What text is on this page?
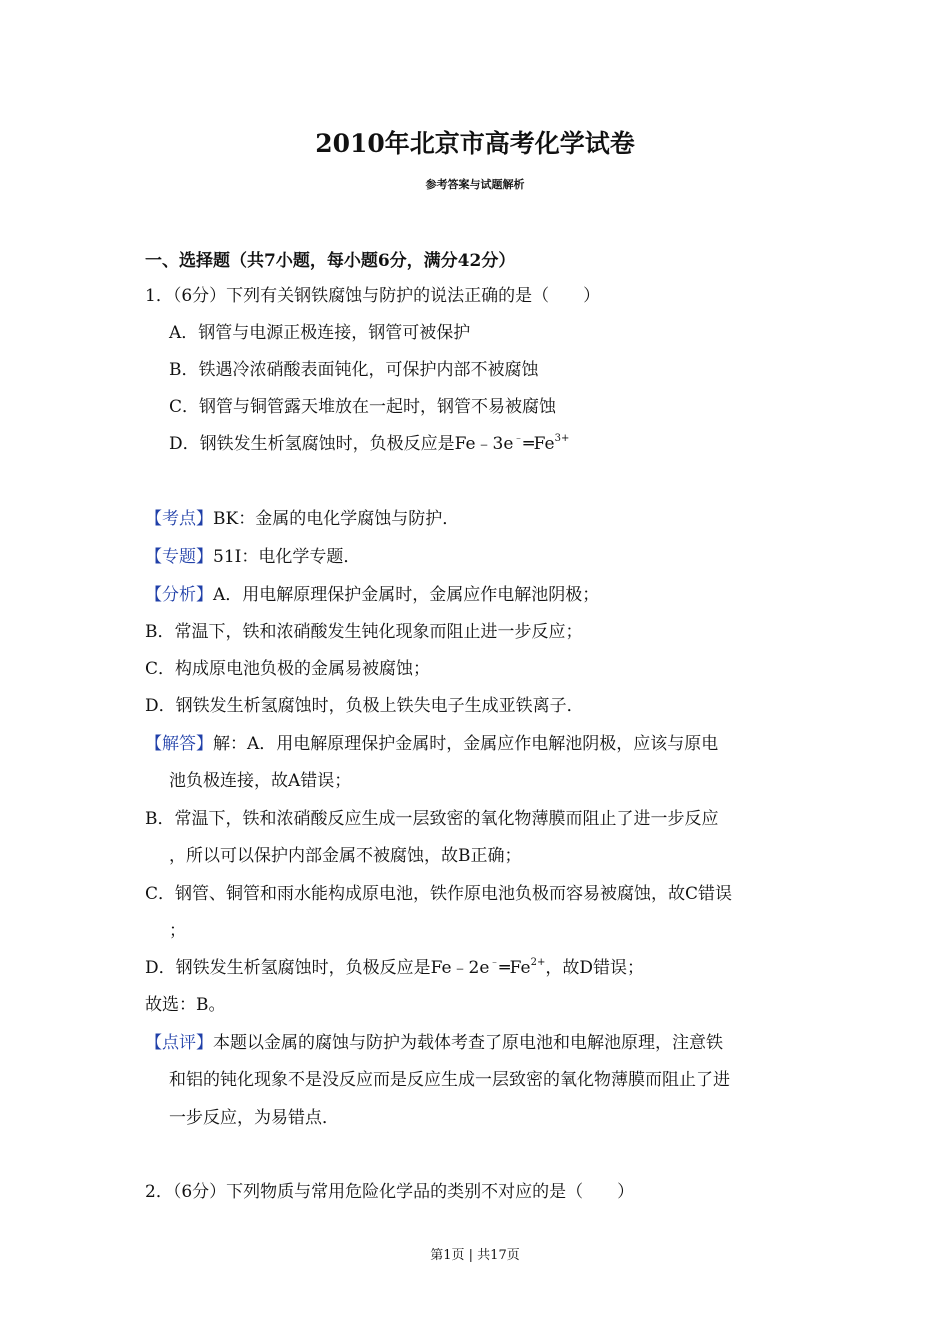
2010年北京市高考化学试卷
参考答案与试题解析
一、选择题（共7小题，每小题6分，满分42分）
1．（6分）下列有关钢铁腐蚀与防护的说法正确的是（　　）
A．钢管与电源正极连接，钢管可被保护
B．铁遇冷浓硝酸表面钝化，可保护内部不被腐蚀
C．钢管与铜管露天堆放在一起时，钢管不易被腐蚀
D．钢铁发生析氢腐蚀时，负极反应是$Fe﹣3e^﹣═Fe^{3+}$
【考点】BK：金属的电化学腐蚀与防护．
【专题】51I：电化学专题．
【分析】A．用电解原理保护金属时，金属应作电解池阴极；
B．常温下，铁和浓硝酸发生钝化现象而阻止进一步反应；
C．构成原电池负极的金属易被腐蚀；
D．钢铁发生析氢腐蚀时，负极上铁失电子生成亚铁离子．
【解答】解：A．用电解原理保护金属时，金属应作电解池阴极，应该与原电
池负极连接，故A错误；
B．常温下，铁和浓硝酸反应生成一层致密的氧化物薄膜而阻止了进一步反应
，所以可以保护内部金属不被腐蚀，故B正确；
C．钢管、铜管和雨水能构成原电池，铁作原电池负极而容易被腐蚀，故C错误
；
D．钢铁发生析氢腐蚀时，负极反应是$Fe﹣2e^﹣═Fe^{2+}$，故D错误；
故选：B。
【点评】本题以金属的腐蚀与防护为载体考查了原电池和电解池原理，注意铁
和铝的钝化现象不是没反应而是反应生成一层致密的氧化物薄膜而阻止了进
一步反应，为易错点．
2．（6分）下列物质与常用危险化学品的类别不对应的是（　　）
第1页 | 共17页
